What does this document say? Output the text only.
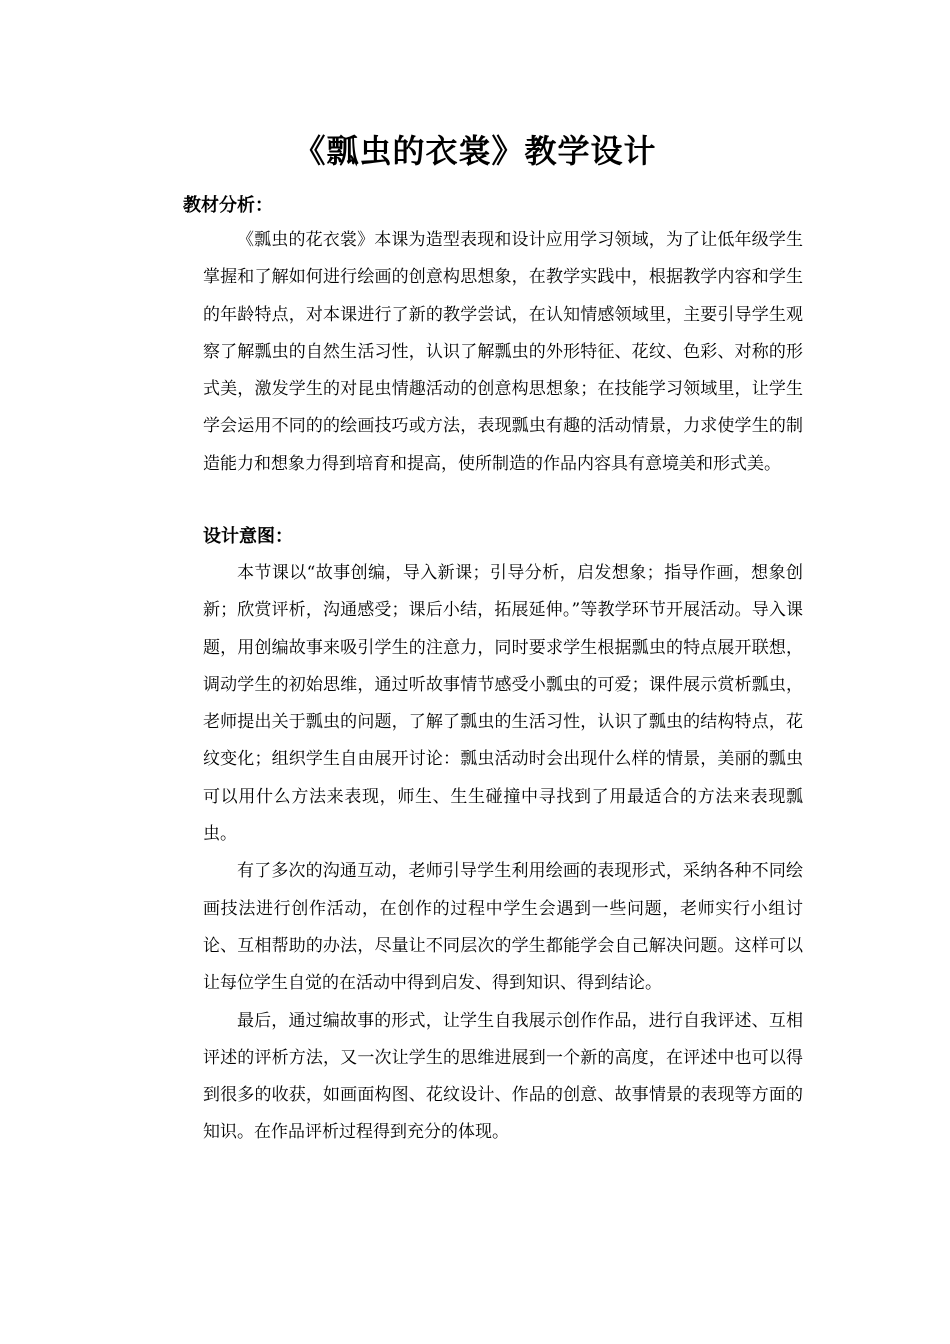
《瓢虫的衣裳》教学设计
教材分析：

《瓢虫的花衣裳》本课为造型表现和设计应用学习领域，为了让低年级学生掌握和了解如何进行绘画的创意构思想象，在教学实践中，根据教学内容和学生的年龄特点，对本课进行了新的教学尝试，在认知情感领域里，主要引导学生观察了解瓢虫的自然生活习性，认识了解瓢虫的外形特征、花纹、色彩、对称的形式美，激发学生的对昆虫情趣活动的创意构思想象；在技能学习领域里，让学生学会运用不同的的绘画技巧或方法，表现瓢虫有趣的活动情景，力求使学生的制造能力和想象力得到培育和提高，使所制造的作品内容具有意境美和形式美。

设计意图：

本节课以“故事创编，导入新课；引导分析，启发想象；指导作画，想象创新；欣赏评析，沟通感受；课后小结，拓展延伸。”等教学环节开展活动。导入课题，用创编故事来吸引学生的注意力，同时要求学生根据瓢虫的特点展开联想，调动学生的初始思维，通过听故事情节感受小瓢虫的可爱；课件展示赏析瓢虫，老师提出关于瓢虫的问题，了解了瓢虫的生活习性，认识了瓢虫的结构特点，花纹变化；组织学生自由展开讨论：瓢虫活动时会出现什么样的情景，美丽的瓢虫可以用什么方法来表现，师生、生生碰撞中寻找到了用最适合的方法来表现瓢虫。

有了多次的沟通互动，老师引导学生利用绘画的表现形式，采纳各种不同绘画技法进行创作活动，在创作的过程中学生会遇到一些问题，老师实行小组讨论、互相帮助的办法，尽量让不同层次的学生都能学会自己解决问题。这样可以让每位学生自觉的在活动中得到启发、得到知识、得到结论。

最后，通过编故事的形式，让学生自我展示创作作品，进行自我评述、互相评述的评析方法，又一次让学生的思维进展到一个新的高度，在评述中也可以得到很多的收获，如画面构图、花纹设计、作品的创意、故事情景的表现等方面的知识。在作品评析过程得到充分的体现。
